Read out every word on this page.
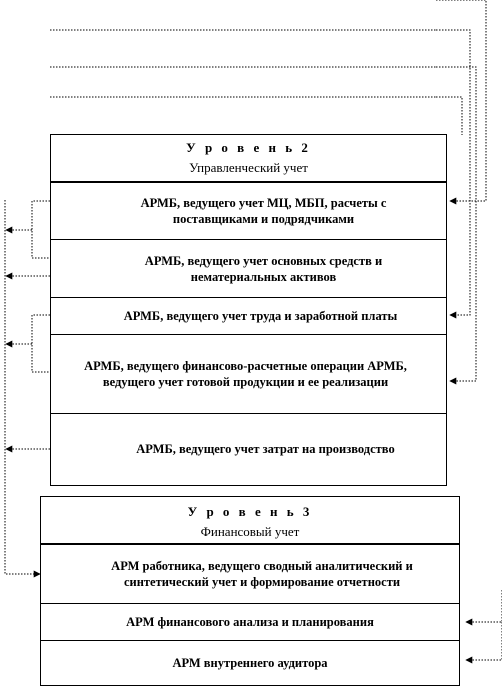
У р о в е н ь 2
Управленческий учет
АРМБ, ведущего учет МЦ, МБП, расчеты с поставщиками и подрядчиками
АРМБ, ведущего учет основных средств и нематериальных активов
АРМБ, ведущего учет труда и заработной платы
АРМБ, ведущего финансово-расчетные операции АРМБ, ведущего учет готовой продукции и ее реализации
АРМБ, ведущего учет затрат на производство
У р о в е н ь 3
Финансовый учет
АРМ работника, ведущего сводный аналитический и синтетический учет и формирование отчетности
АРМ финансового анализа и планирования
АРМ внутреннего аудитора
